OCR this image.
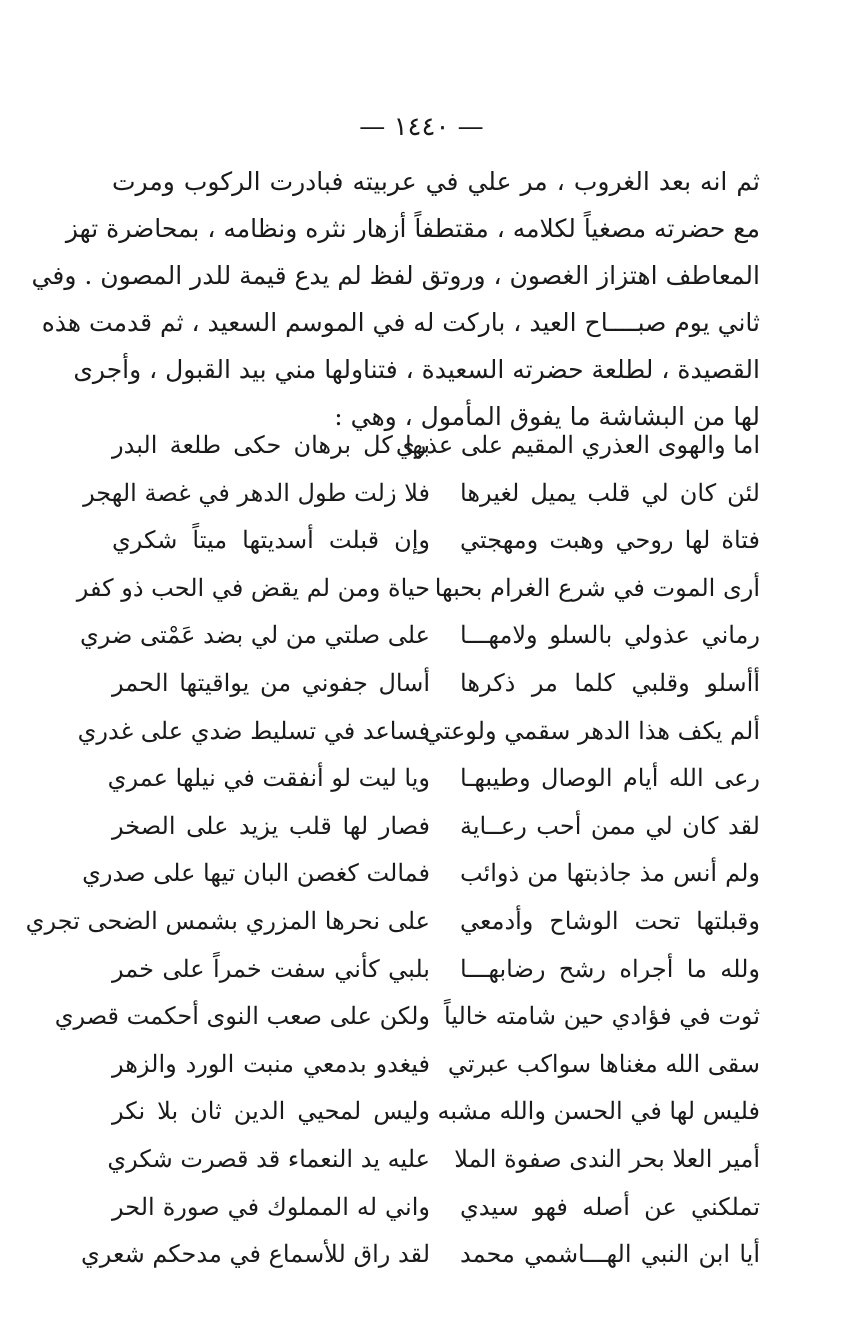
— ١٤٤٠ —
ثم انه بعد الغروب ، مر علي في عربيته فبادرت الركوب ومرت
مع حضرته مصغياً لكلامه ، مقتطفاً أزهار نثره ونظامه ، بمحاضرة تهز
المعاطف اهتزاز الغصون ، وروتق لفظ لم يدع قيمة للدر المصون . وفي
ثاني يوم صبــــاح العيد ، باركت له في الموسم السعيد ، ثم قدمت هذه
القصيدة ، لطلعة حضرته السعيدة ، فتناولها مني بيد القبول ، وأجرى
لها من البشاشة ما يفوق المأمول ، وهي :
اما والهوى العذري المقيم على عذري
بها كل برهان حكى طلعة البدر
لئن كان لي قلب يميل لغيرها
فلا زلت طول الدهر في غصة الهجر
فتاة لها روحي وهبت ومهجتي
وإن قبلت أسديتها ميتاً شكري
أرى الموت في شرع الغرام بحبها
حياة ومن لم يقض في الحب ذو كفر
رماني عذولي بالسلو ولامهـــا
على صلتي من لي بضد عَمْتى ضري
أأسلو وقلبي كلما مر ذكرها
أسال جفوني من يواقيتها الحمر
ألم يكف هذا الدهر سقمي ولوعتي
فساعد في تسليط ضدي على غدري
رعى الله أيام الوصال وطيبهـا
ويا ليت لو أنفقت في نيلها عمري
لقد كان لي ممن أحب رعــاية
فصار لها قلب يزيد على الصخر
ولم أنس مذ جاذبتها من ذوائب
فمالت كغصن البان تيها على صدري
وقبلتها تحت الوشاح وأدمعي
على نحرها المزري بشمس الضحى تجري
ولله ما أجراه رشح رضابهـــا
بلبي كأني سفت خمراً على خمر
ثوت في فؤادي حين شامته خالياً
ولكن على صعب النوى أحكمت قصري
سقى الله مغناها سواكب عبرتي
فيغدو بدمعي منبت الورد والزهر
فليس لها في الحسن والله مشبه
وليس لمحيي الدين ثان بلا نكر
أمير العلا بحر الندى صفوة الملا
عليه يد النعماء قد قصرت شكري
تملكني عن أصله فهو سيدي
واني له المملوك في صورة الحر
أيا ابن النبي الهـــاشمي محمد
لقد راق للأسماع في مدحكم شعري
